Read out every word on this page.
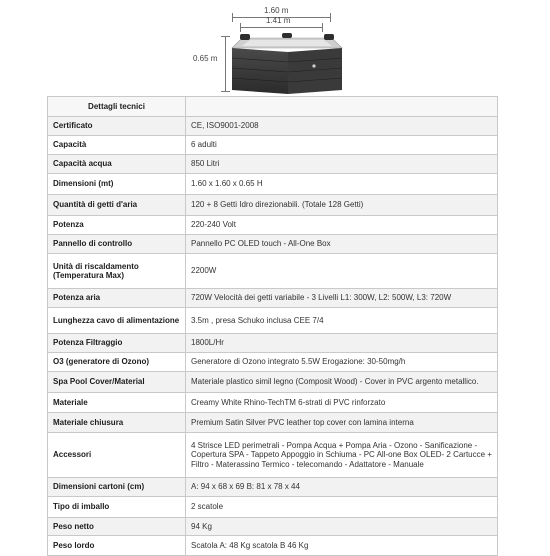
1.60 m
1.41 m
0.65 m
Dettagli tecnici	
Certificato	CE, ISO9001-2008
Capacità	6 adulti
Capacità acqua	850 Litri
Dimensioni (mt)	1.60 x 1.60 x 0.65 H
Quantità di getti d'aria	120 + 8 Getti Idro direzionabili. (Totale 128 Getti)
Potenza	220-240 Volt
Pannello di controllo	Pannello PC OLED touch - All-One Box
Unità di riscaldamento (Temperatura Max)	2200W
Potenza aria	720W Velocità dei getti variabile - 3 Livelli L1: 300W, L2: 500W, L3: 720W
Lunghezza cavo di alimentazione	3.5m , presa Schuko inclusa CEE 7/4
Potenza Filtraggio	1800L/Hr
O3 (generatore di Ozono)	Generatore di Ozono integrato 5.5W Erogazione: 30-50mg/h
Spa Pool Cover/Material	Materiale plastico simil legno (Composit Wood) - Cover in PVC argento metallico.
Materiale	Creamy White Rhino-TechTM 6-strati di PVC rinforzato
Materiale chiusura	Premium Satin Silver PVC leather top cover con lamina interna
Accessori	4 Strisce LED perimetrali - Pompa Acqua + Pompa Aria - Ozono - Sanificazione - Copertura SPA - Tappeto Appoggio in Schiuma - PC All-one Box OLED- 2 Cartucce + Filtro - Materassino Termico - telecomando - Adattatore - Manuale
Dimensioni cartoni (cm)	A: 94 x 68 x 69 B: 81 x 78 x 44
Tipo di imballo	2 scatole
Peso netto	94 Kg
Peso lordo	Scatola A: 48 Kg scatola B 46 Kg
